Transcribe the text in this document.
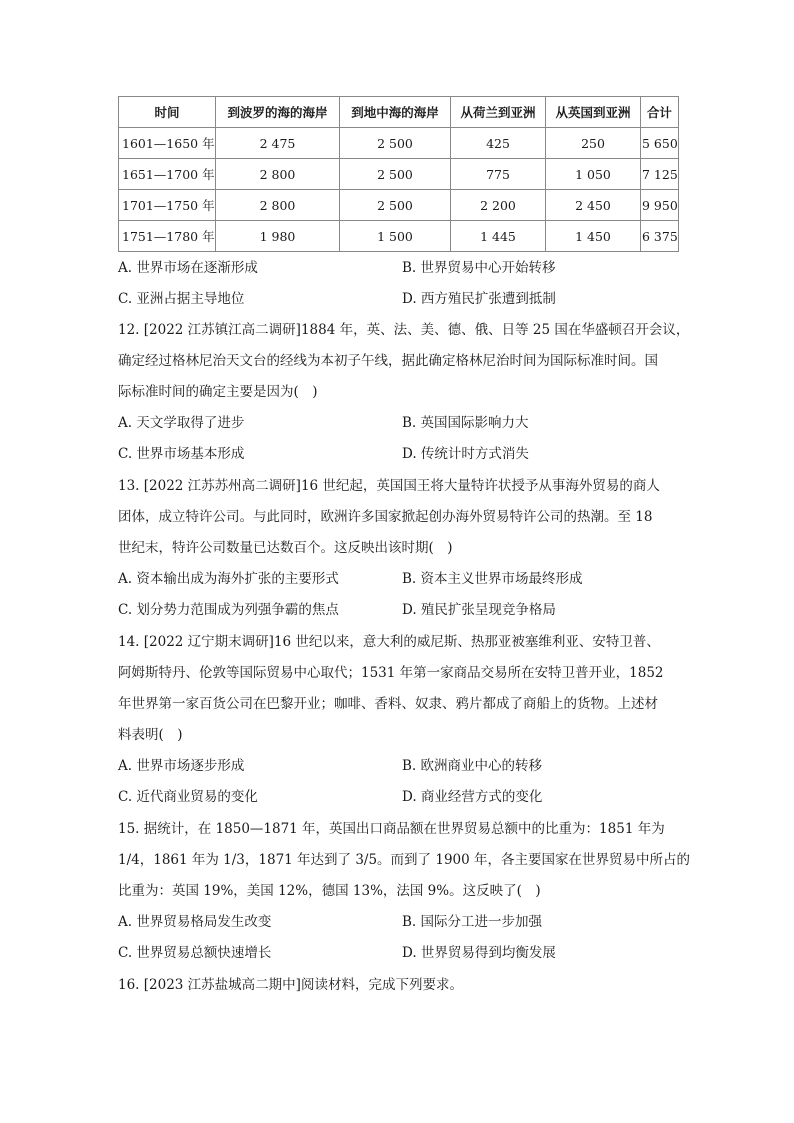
时间	到波罗的海的海岸	到地中海的海岸	从荷兰到亚洲	从英国到亚洲	合计
1601—1650 年	2 475	2 500	425	250	5 650
1651—1700 年	2 800	2 500	775	1 050	7 125
1701—1750 年	2 800	2 500	2 200	2 450	9 950
1751—1780 年	1 980	1 500	1 445	1 450	6 375
A. 世界市场在逐渐形成	B. 世界贸易中心开始转移
C. 亚洲占据主导地位	D. 西方殖民扩张遭到抵制
12. [2022 江苏镇江高二调研]1884 年，英、法、美、德、俄、日等 25 国在华盛顿召开会议，
确定经过格林尼治天文台的经线为本初子午线，据此确定格林尼治时间为国际标准时间。国
际标准时间的确定主要是因为(　)
A. 天文学取得了进步	B. 英国国际影响力大
C. 世界市场基本形成	D. 传统计时方式消失
13. [2022 江苏苏州高二调研]16 世纪起，英国国王将大量特许状授予从事海外贸易的商人
团体，成立特许公司。与此同时，欧洲许多国家掀起创办海外贸易特许公司的热潮。至 18
世纪末，特许公司数量已达数百个。这反映出该时期(　)
A. 资本输出成为海外扩张的主要形式	B. 资本主义世界市场最终形成
C. 划分势力范围成为列强争霸的焦点	D. 殖民扩张呈现竞争格局
14. [2022 辽宁期末调研]16 世纪以来，意大利的威尼斯、热那亚被塞维利亚、安特卫普、
阿姆斯特丹、伦敦等国际贸易中心取代；1531 年第一家商品交易所在安特卫普开业，1852
年世界第一家百货公司在巴黎开业；咖啡、香料、奴隶、鸦片都成了商船上的货物。上述材
料表明(　)
A. 世界市场逐步形成	B. 欧洲商业中心的转移
C. 近代商业贸易的变化	D. 商业经营方式的变化
15. 据统计，在 1850—1871 年，英国出口商品额在世界贸易总额中的比重为：1851 年为
1/4，1861 年为 1/3，1871 年达到了 3/5。而到了 1900 年，各主要国家在世界贸易中所占的
比重为：英国 19%，美国 12%，德国 13%，法国 9%。这反映了(　)
A. 世界贸易格局发生改变	B. 国际分工进一步加强
C. 世界贸易总额快速增长	D. 世界贸易得到均衡发展
16. [2023 江苏盐城高二期中]阅读材料，完成下列要求。
